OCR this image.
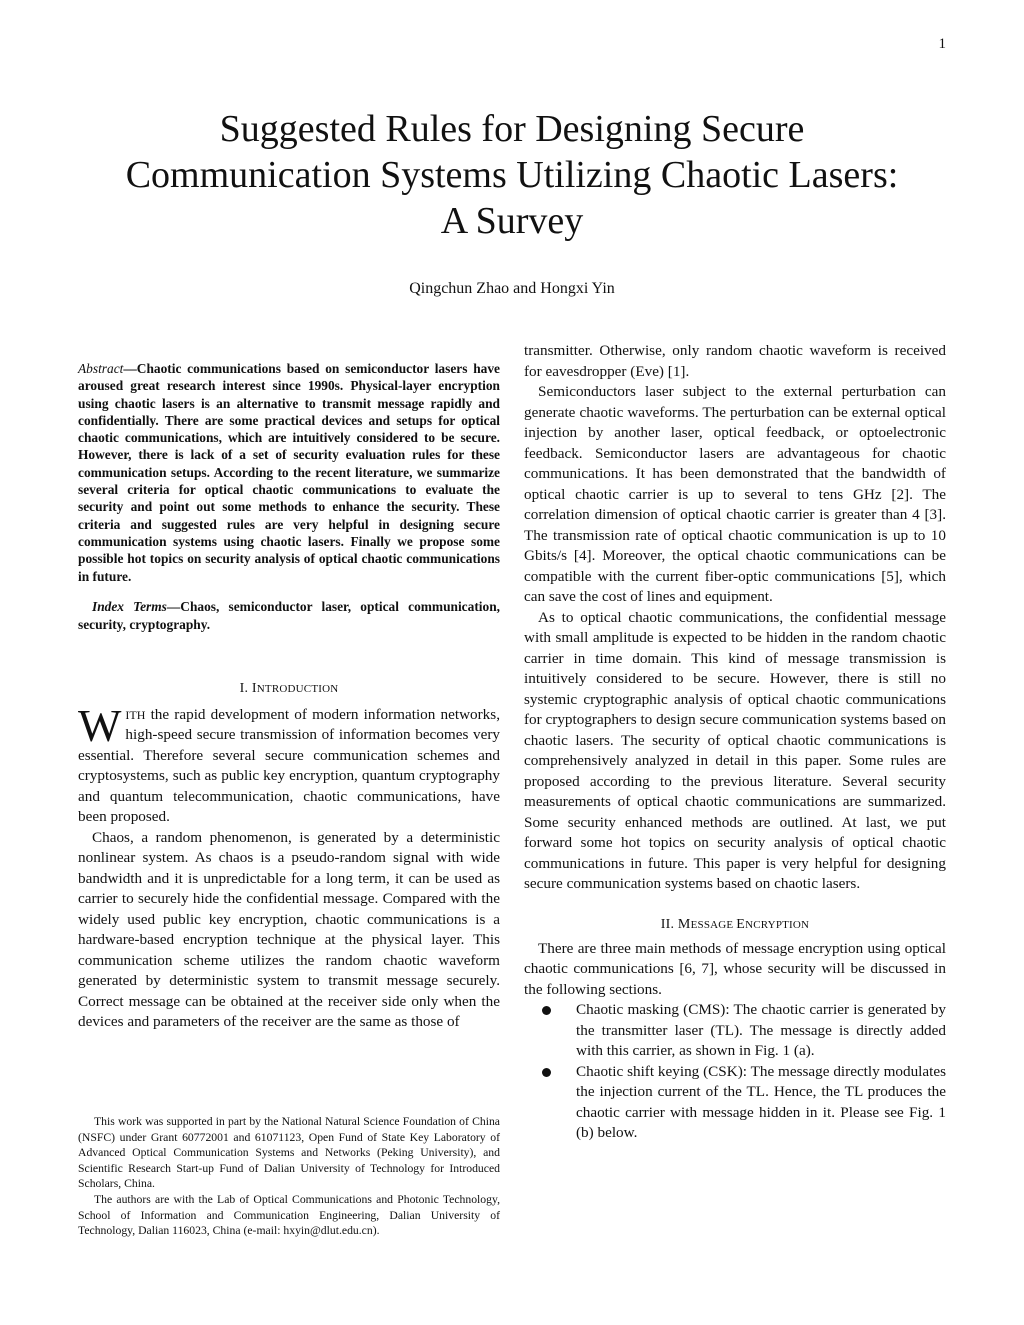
1
Suggested Rules for Designing Secure Communication Systems Utilizing Chaotic Lasers: A Survey
Qingchun Zhao and Hongxi Yin

Abstract—Chaotic communications based on semiconductor lasers have aroused great research interest since 1990s. Physical-layer encryption using chaotic lasers is an alternative to transmit message rapidly and confidentially. There are some practical devices and setups for optical chaotic communications, which are intuitively considered to be secure. However, there is lack of a set of security evaluation rules for these communication setups. According to the recent literature, we summarize several criteria for optical chaotic communications to evaluate the security and point out some methods to enhance the security. These criteria and suggested rules are very helpful in designing secure communication systems using chaotic lasers. Finally we propose some possible hot topics on security analysis of optical chaotic communications in future.

Index Terms—Chaos, semiconductor laser, optical communication, security, cryptography.

I. INTRODUCTION

WITH the rapid development of modern information networks, high-speed secure transmission of information becomes very essential. Therefore several secure communication schemes and cryptosystems, such as public key encryption, quantum cryptography and quantum telecommunication, chaotic communications, have been proposed.

Chaos, a random phenomenon, is generated by a deterministic nonlinear system. As chaos is a pseudo-random signal with wide bandwidth and it is unpredictable for a long term, it can be used as carrier to securely hide the confidential message. Compared with the widely used public key encryption, chaotic communications is a hardware-based encryption technique at the physical layer. This communication scheme utilizes the random chaotic waveform generated by deterministic system to transmit message securely. Correct message can be obtained at the receiver side only when the devices and parameters of the receiver are the same as those of

This work was supported in part by the National Natural Science Foundation of China (NSFC) under Grant 60772001 and 61071123, Open Fund of State Key Laboratory of Advanced Optical Communication Systems and Networks (Peking University), and Scientific Research Start-up Fund of Dalian University of Technology for Introduced Scholars, China.

The authors are with the Lab of Optical Communications and Photonic Technology, School of Information and Communication Engineering, Dalian University of Technology, Dalian 116023, China (e-mail: hxyin@dlut.edu.cn).

transmitter. Otherwise, only random chaotic waveform is received for eavesdropper (Eve) [1].

Semiconductors laser subject to the external perturbation can generate chaotic waveforms. The perturbation can be external optical injection by another laser, optical feedback, or optoelectronic feedback. Semiconductor lasers are advantageous for chaotic communications. It has been demonstrated that the bandwidth of optical chaotic carrier is up to several to tens GHz [2]. The correlation dimension of optical chaotic carrier is greater than 4 [3]. The transmission rate of optical chaotic communication is up to 10 Gbits/s [4]. Moreover, the optical chaotic communications can be compatible with the current fiber-optic communications [5], which can save the cost of lines and equipment.

As to optical chaotic communications, the confidential message with small amplitude is expected to be hidden in the random chaotic carrier in time domain. This kind of message transmission is intuitively considered to be secure. However, there is still no systemic cryptographic analysis of optical chaotic communications for cryptographers to design secure communication systems based on chaotic lasers. The security of optical chaotic communications is comprehensively analyzed in detail in this paper. Some rules are proposed according to the previous literature. Several security measurements of optical chaotic communications are summarized. Some security enhanced methods are outlined. At last, we put forward some hot topics on security analysis of optical chaotic communications in future. This paper is very helpful for designing secure communication systems based on chaotic lasers.

II. MESSAGE ENCRYPTION

There are three main methods of message encryption using optical chaotic communications [6, 7], whose security will be discussed in the following sections.

Chaotic masking (CMS): The chaotic carrier is generated by the transmitter laser (TL). The message is directly added with this carrier, as shown in Fig. 1 (a).
Chaotic shift keying (CSK): The message directly modulates the injection current of the TL. Hence, the TL produces the chaotic carrier with message hidden in it. Please see Fig. 1 (b) below.
